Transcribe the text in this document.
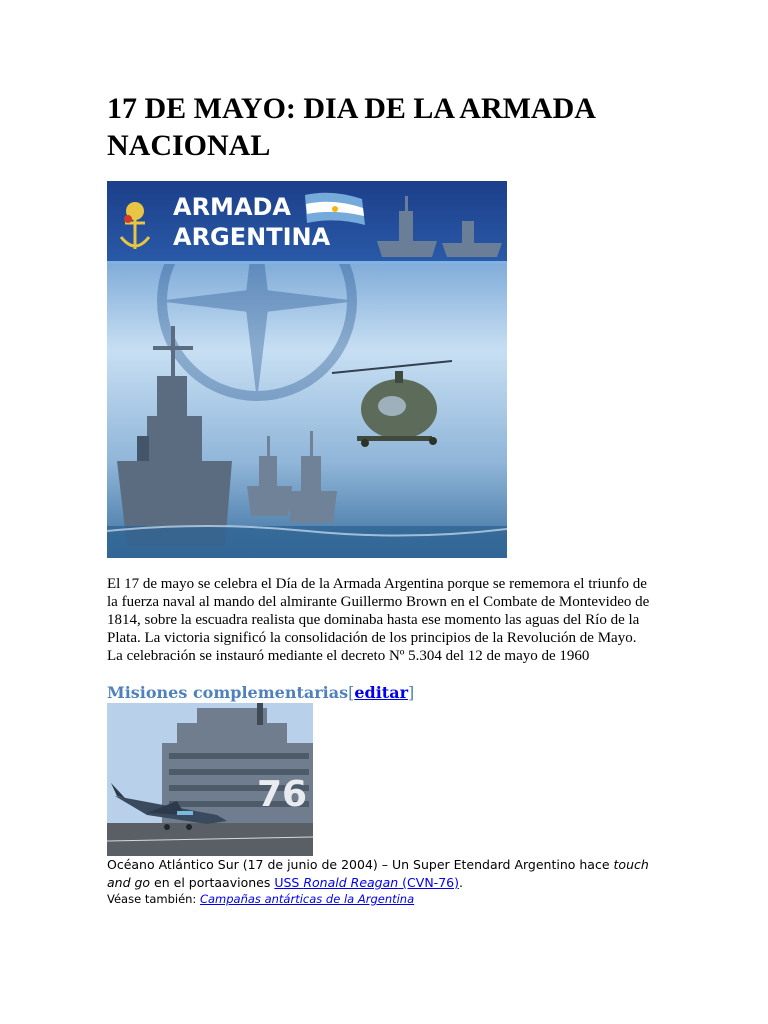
17 DE MAYO: DIA DE LA ARMADA NACIONAL
ARMADA
ARGENTINA

El 17 de mayo se celebra el Día de la Armada Argentina porque se rememora el triunfo de la fuerza naval al mando del almirante Guillermo Brown en el Combate de Montevideo de 1814, sobre la escuadra realista que dominaba hasta ese momento las aguas del Río de la Plata. La victoria significó la consolidación de los principios de la Revolución de Mayo. La celebración se instauró mediante el decreto Nº 5.304 del 12 de mayo de 1960

Misiones complementarias[editar]
76

Océano Atlántico Sur (17 de junio de 2004) – Un Super Etendard Argentino hace touch and go en el portaaviones USS Ronald Reagan (CVN-76).

Véase también: Campañas antárticas de la Argentina
